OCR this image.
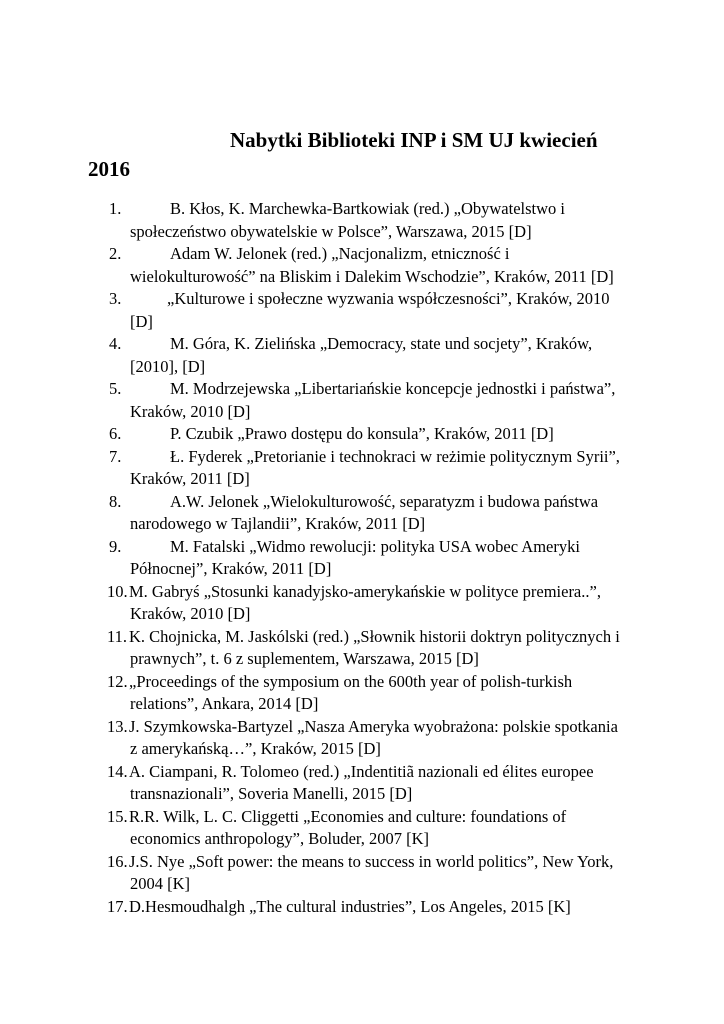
Nabytki Biblioteki INP i SM UJ kwiecień
2016
1.	B. Kłos, K. Marchewka-Bartkowiak (red.) „Obywatelstwo i
społeczeństwo obywatelskie w Polsce”, Warszawa, 2015 [D]
2.	Adam W. Jelonek (red.) „Nacjonalizm, etniczność i
wielokulturowość” na Bliskim i Dalekim Wschodzie”, Kraków, 2011 [D]
3.	„Kulturowe i społeczne wyzwania współczesności”, Kraków, 2010
[D]
4.	M. Góra, K. Zielińska „Democracy, state und socjety”, Kraków,
[2010], [D]
5.	M. Modrzejewska „Libertariańskie koncepcje jednostki i państwa”,
Kraków, 2010 [D]
6.	P. Czubik „Prawo dostępu do konsula”, Kraków, 2011 [D]
7.	Ł. Fyderek „Pretorianie i technokraci w reżimie politycznym Syrii”,
Kraków, 2011 [D]
8.	A.W. Jelonek „Wielokulturowość, separatyzm i budowa państwa
narodowego w Tajlandii”, Kraków, 2011 [D]
9.	M. Fatalski „Widmo rewolucji: polityka USA wobec Ameryki
Północnej”, Kraków, 2011 [D]
10. M. Gabryś „Stosunki kanadyjsko-amerykańskie w polityce premiera..”,
Kraków, 2010 [D]
11. K. Chojnicka, M. Jaskólski (red.) „Słownik historii doktryn politycznych i
prawnych”, t. 6 z suplementem, Warszawa, 2015 [D]
12. „Proceedings of the symposium on the 600th year of polish-turkish
relations”, Ankara, 2014 [D]
13. J. Szymkowska-Bartyzel „Nasza Ameryka wyobrażona: polskie spotkania
z amerykańską…”, Kraków, 2015 [D]
14. A. Ciampani, R. Tolomeo (red.) „Indentitiã nazionali ed élites europee
transnazionali”, Soveria Manelli, 2015 [D]
15. R.R. Wilk, L. C. Cliggetti „Economies and culture: foundations of
economics anthropology”, Boluder, 2007 [K]
16. J.S. Nye „Soft power: the means to success in world politics”, New York,
2004 [K]
17. D.Hesmoudhalgh „The cultural industries”, Los Angeles, 2015 [K]
